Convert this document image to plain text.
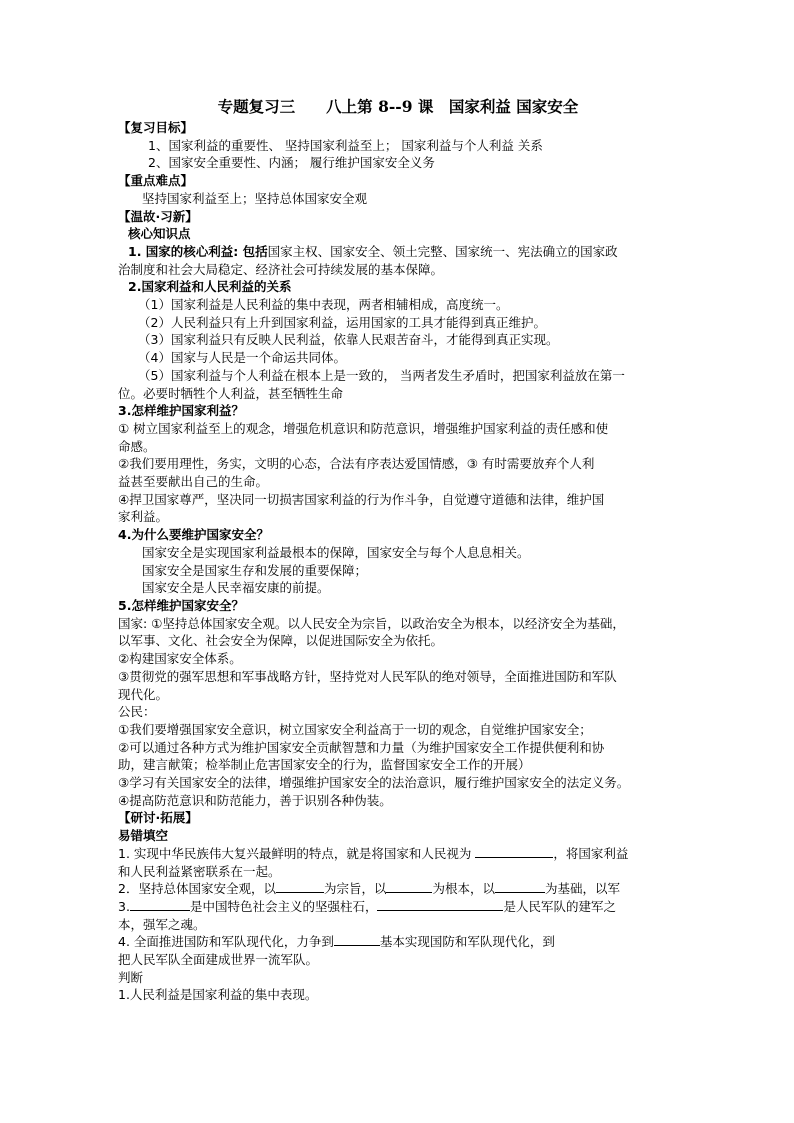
专题复习三　　八上第 8--9 课　国家利益 国家安全
【复习目标】
1、国家利益的重要性、 坚持国家利益至上； 国家利益与个人利益 关系
2、国家安全重要性、内涵； 履行维护国家安全义务
【重点难点】
坚持国家利益至上；坚持总体国家安全观
【温故·习新】
核心知识点
1. 国家的核心利益: 包括国家主权、国家安全、领土完整、国家统一、宪法确立的国家政
治制度和社会大局稳定、经济社会可持续发展的基本保障。
2.国家利益和人民利益的关系
（1）国家利益是人民利益的集中表现，两者相辅相成，高度统一。
（2）人民利益只有上升到国家利益，运用国家的工具才能得到真正维护。
（3）国家利益只有反映人民利益，依靠人民艰苦奋斗，才能得到真正实现。
（4）国家与人民是一个命运共同体。
（5）国家利益与个人利益在根本上是一致的， 当两者发生矛盾时，把国家利益放在第一
位。必要时牺牲个人利益，甚至牺牲生命
3.怎样维护国家利益？
① 树立国家利益至上的观念，增强危机意识和防范意识，增强维护国家利益的责任感和使
命感。
②我们要用理性，务实，文明的心态，合法有序表达爱国情感，③ 有时需要放弃个人利
益甚至要献出自己的生命。
④捍卫国家尊严，坚决同一切损害国家利益的行为作斗争，自觉遵守道德和法律，维护国
家利益。
4.为什么要维护国家安全？
国家安全是实现国家利益最根本的保障，国家安全与每个人息息相关。
国家安全是国家生存和发展的重要保障；
国家安全是人民幸福安康的前提。
5.怎样维护国家安全？
国家: ①坚持总体国家安全观。以人民安全为宗旨，以政治安全为根本，以经济安全为基础，
以军事、文化、社会安全为保障，以促进国际安全为依托。
②构建国家安全体系。
③贯彻党的强军思想和军事战略方针，坚持党对人民军队的绝对领导，全面推进国防和军队
现代化。
公民：
①我们要增强国家安全意识，树立国家安全利益高于一切的观念，自觉维护国家安全；
②可以通过各种方式为维护国家安全贡献智慧和力量（为维护国家安全工作提供便利和协
助，建言献策；检举制止危害国家安全的行为，监督国家安全工作的开展）
③学习有关国家安全的法律，增强维护国家安全的法治意识，履行维护国家安全的法定义务。
④提高防范意识和防范能力，善于识别各种伪装。
【研讨·拓展】
易错填空
1. 实现中华民族伟大复兴最鲜明的特点，就是将国家和人民视为	，将国家利益
和人民利益紧密联系在一起。
2．坚持总体国家安全观，以	为宗旨，以	为根本，以	为基础，以军
3.	是中国特色社会主义的坚强柱石，	是人民军队的建军之
本，强军之魂。
4. 全面推进国防和军队现代化，力争到	基本实现国防和军队现代化，到
把人民军队全面建成世界一流军队。
判断
1.人民利益是国家利益的集中表现。
